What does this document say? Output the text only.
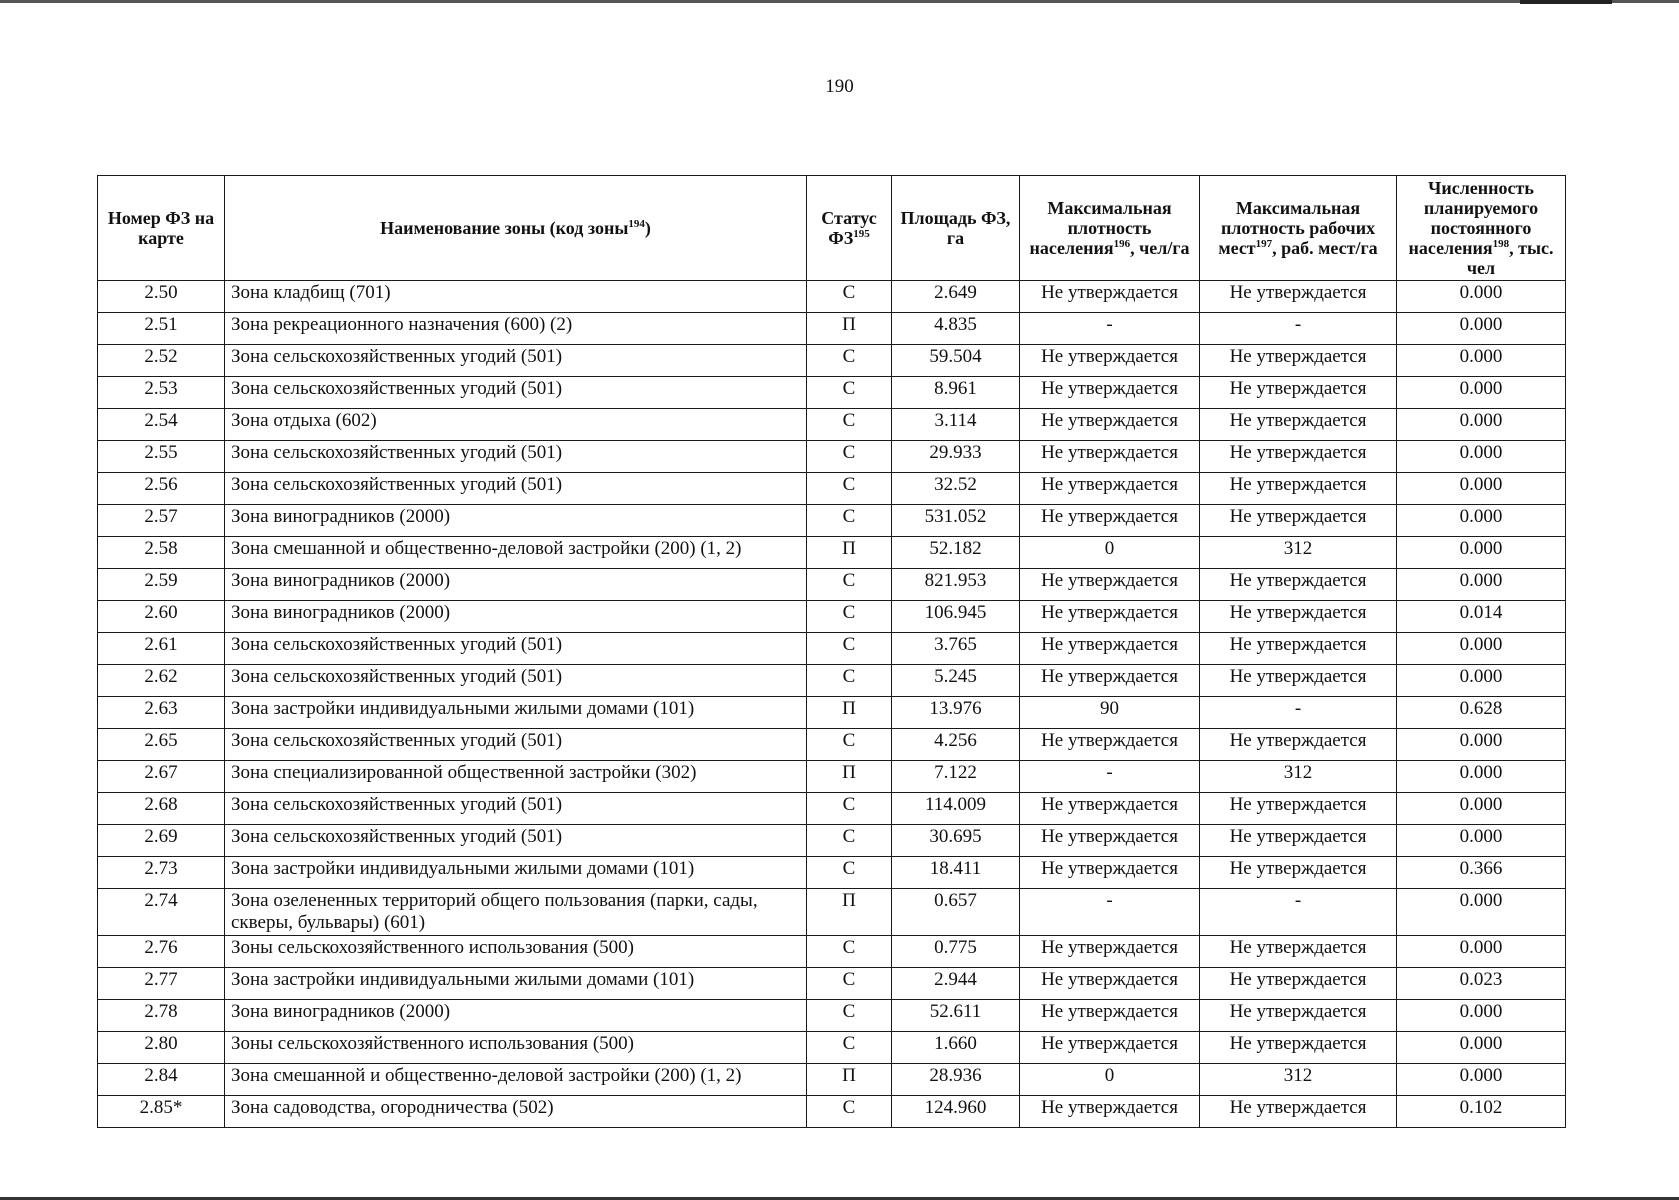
190
Номер ФЗ на карте	Наименование зоны (код зоны$^{194}$)	Статус ФЗ$^{195}$	Площадь ФЗ, га	Максимальная плотность населения$^{196}$, чел/га	Максимальная плотность рабочих мест$^{197}$, раб. мест/га	Численность планируемого постоянного населения$^{198}$, тыс. чел
2.50	Зона кладбищ (701)	С	2.649	Не утверждается	Не утверждается	0.000
2.51	Зона рекреационного назначения (600) (2)	П	4.835	-	-	0.000
2.52	Зона сельскохозяйственных угодий (501)	С	59.504	Не утверждается	Не утверждается	0.000
2.53	Зона сельскохозяйственных угодий (501)	С	8.961	Не утверждается	Не утверждается	0.000
2.54	Зона отдыха (602)	С	3.114	Не утверждается	Не утверждается	0.000
2.55	Зона сельскохозяйственных угодий (501)	С	29.933	Не утверждается	Не утверждается	0.000
2.56	Зона сельскохозяйственных угодий (501)	С	32.52	Не утверждается	Не утверждается	0.000
2.57	Зона виноградников (2000)	С	531.052	Не утверждается	Не утверждается	0.000
2.58	Зона смешанной и общественно-деловой застройки (200) (1, 2)	П	52.182	0	312	0.000
2.59	Зона виноградников (2000)	С	821.953	Не утверждается	Не утверждается	0.000
2.60	Зона виноградников (2000)	С	106.945	Не утверждается	Не утверждается	0.014
2.61	Зона сельскохозяйственных угодий (501)	С	3.765	Не утверждается	Не утверждается	0.000
2.62	Зона сельскохозяйственных угодий (501)	С	5.245	Не утверждается	Не утверждается	0.000
2.63	Зона застройки индивидуальными жилыми домами (101)	П	13.976	90	-	0.628
2.65	Зона сельскохозяйственных угодий (501)	С	4.256	Не утверждается	Не утверждается	0.000
2.67	Зона специализированной общественной застройки (302)	П	7.122	-	312	0.000
2.68	Зона сельскохозяйственных угодий (501)	С	114.009	Не утверждается	Не утверждается	0.000
2.69	Зона сельскохозяйственных угодий (501)	С	30.695	Не утверждается	Не утверждается	0.000
2.73	Зона застройки индивидуальными жилыми домами (101)	С	18.411	Не утверждается	Не утверждается	0.366
2.74	Зона озелененных территорий общего пользования (парки, сады, скверы, бульвары) (601)	П	0.657	-	-	0.000
2.76	Зоны сельскохозяйственного использования (500)	С	0.775	Не утверждается	Не утверждается	0.000
2.77	Зона застройки индивидуальными жилыми домами (101)	С	2.944	Не утверждается	Не утверждается	0.023
2.78	Зона виноградников (2000)	С	52.611	Не утверждается	Не утверждается	0.000
2.80	Зоны сельскохозяйственного использования (500)	С	1.660	Не утверждается	Не утверждается	0.000
2.84	Зона смешанной и общественно-деловой застройки (200) (1, 2)	П	28.936	0	312	0.000
2.85*	Зона садоводства, огородничества (502)	С	124.960	Не утверждается	Не утверждается	0.102
